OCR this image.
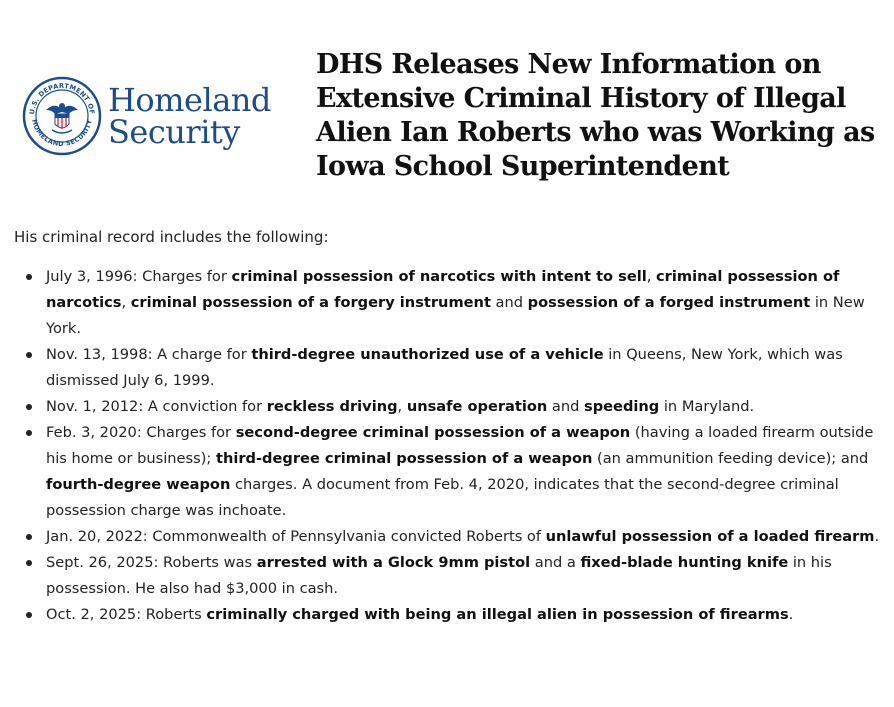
U.S. DEPARTMENT OF
HOMELAND SECURITY
Homeland
Security
DHS Releases New Information on
Extensive Criminal History of Illegal
Alien Ian Roberts who was Working as
Iowa School Superintendent
His criminal record includes the following:
July 3, 1996: Charges for criminal possession of narcotics with intent to sell, criminal possession of narcotics, criminal possession of a forgery instrument and possession of a forged instrument in New York.
Nov. 13, 1998: A charge for third-degree unauthorized use of a vehicle in Queens, New York, which was dismissed July 6, 1999.
Nov. 1, 2012: A conviction for reckless driving, unsafe operation and speeding in Maryland.
Feb. 3, 2020: Charges for second-degree criminal possession of a weapon (having a loaded firearm outside his home or business); third-degree criminal possession of a weapon (an ammunition feeding device); and fourth-degree weapon charges. A document from Feb. 4, 2020, indicates that the second-degree criminal possession charge was inchoate.
Jan. 20, 2022: Commonwealth of Pennsylvania convicted Roberts of unlawful possession of a loaded firearm.
Sept. 26, 2025: Roberts was arrested with a Glock 9mm pistol and a fixed-blade hunting knife in his possession. He also had $3,000 in cash.
Oct. 2, 2025: Roberts criminally charged with being an illegal alien in possession of firearms.
